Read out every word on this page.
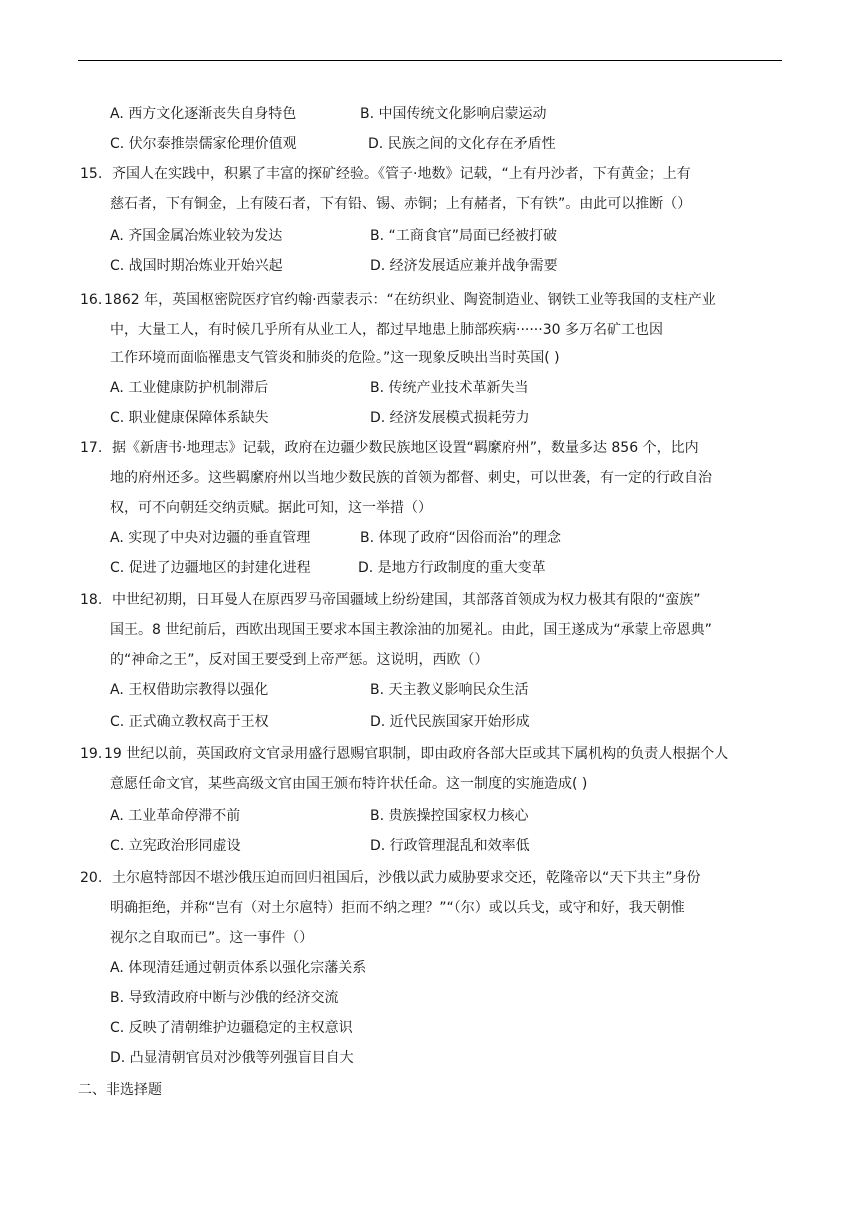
A. 西方文化逐渐丧失自身特色	B. 中国传统文化影响启蒙运动
C. 伏尔泰推崇儒家伦理价值观	D. 民族之间的文化存在矛盾性
15. 齐国人在实践中，积累了丰富的探矿经验。《管子·地数》记载，“上有丹沙者，下有黄金；上有
慈石者，下有铜金，上有陵石者，下有铅、锡、赤铜；上有赭者，下有铁”。由此可以推断（）
A. 齐国金属冶炼业较为发达	B. “工商食官”局面已经被打破
C. 战国时期冶炼业开始兴起	D. 经济发展适应兼并战争需要
16. 1862 年，英国枢密院医疗官约翰·西蒙表示：“在纺织业、陶瓷制造业、钢铁工业等我国的支柱产业
中，大量工人，有时候几乎所有从业工人，都过早地患上肺部疾病······30 多万名矿工也因
工作环境而面临罹患支气管炎和肺炎的危险。”这一现象反映出当时英国( )
A. 工业健康防护机制滞后	B. 传统产业技术革新失当
C. 职业健康保障体系缺失	D. 经济发展模式损耗劳力
17. 据《新唐书·地理志》记载，政府在边疆少数民族地区设置“羁縻府州”，数量多达 856 个，比内
地的府州还多。这些羁縻府州以当地少数民族的首领为都督、刺史，可以世袭，有一定的行政自治
权，可不向朝廷交纳贡赋。据此可知，这一举措（）
A. 实现了中央对边疆的垂直管理	B. 体现了政府“因俗而治”的理念
C. 促进了边疆地区的封建化进程	D. 是地方行政制度的重大变革
18. 中世纪初期，日耳曼人在原西罗马帝国疆域上纷纷建国，其部落首领成为权力极其有限的“蛮族”
国王。8 世纪前后，西欧出现国王要求本国主教涂油的加冕礼。由此，国王遂成为“承蒙上帝恩典”
的“神命之王”，反对国王要受到上帝严惩。这说明，西欧（）
A. 王权借助宗教得以强化	B. 天主教义影响民众生活
C. 正式确立教权高于王权	D. 近代民族国家开始形成
19. 19 世纪以前，英国政府文官录用盛行恩赐官职制，即由政府各部大臣或其下属机构的负责人根据个人
意愿任命文官，某些高级文官由国王颁布特许状任命。这一制度的实施造成( )
A. 工业革命停滞不前	B. 贵族操控国家权力核心
C. 立宪政治形同虚设	D. 行政管理混乱和效率低
20. 土尔扈特部因不堪沙俄压迫而回归祖国后，沙俄以武力威胁要求交还，乾隆帝以“天下共主”身份
明确拒绝，并称“岂有（对土尔扈特）拒而不纳之理？”“（尔）或以兵戈，或守和好，我天朝惟
视尔之自取而已”。这一事件（）
A. 体现清廷通过朝贡体系以强化宗藩关系
B. 导致清政府中断与沙俄的经济交流
C. 反映了清朝维护边疆稳定的主权意识
D. 凸显清朝官员对沙俄等列强盲目自大
二、非选择题
